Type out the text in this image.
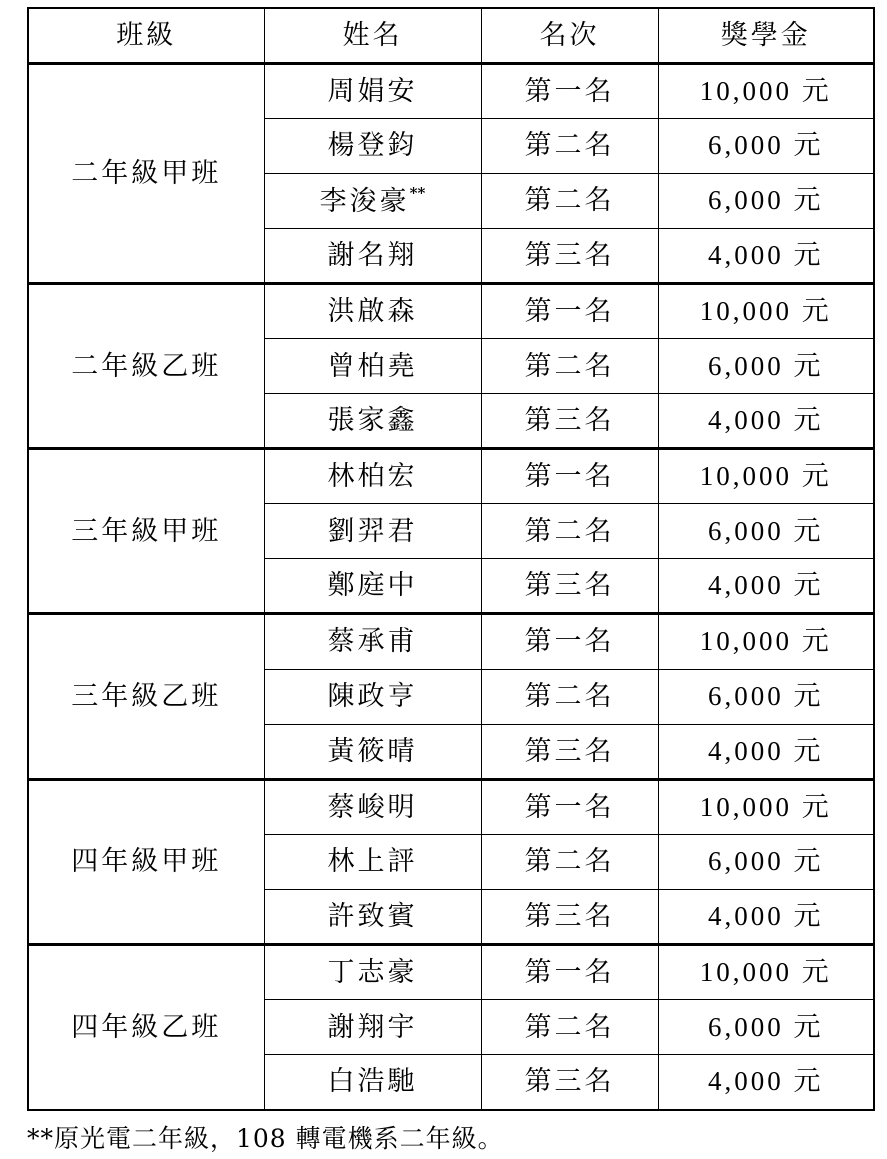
班級	姓名	名次	獎學金
二年級甲班	周娟安	第一名	10,000 元
	楊登鈞	第二名	6,000 元
	李浚豪**	第二名	6,000 元
	謝名翔	第三名	4,000 元
二年級乙班	洪啟森	第一名	10,000 元
	曾柏堯	第二名	6,000 元
	張家鑫	第三名	4,000 元
三年級甲班	林柏宏	第一名	10,000 元
	劉羿君	第二名	6,000 元
	鄭庭中	第三名	4,000 元
三年級乙班	蔡承甫	第一名	10,000 元
	陳政亨	第二名	6,000 元
	黃筱晴	第三名	4,000 元
四年級甲班	蔡峻明	第一名	10,000 元
	林上評	第二名	6,000 元
	許致賓	第三名	4,000 元
四年級乙班	丁志豪	第一名	10,000 元
	謝翔宇	第二名	6,000 元
	白浩馳	第三名	4,000 元
**原光電二年級，108 轉電機系二年級。
